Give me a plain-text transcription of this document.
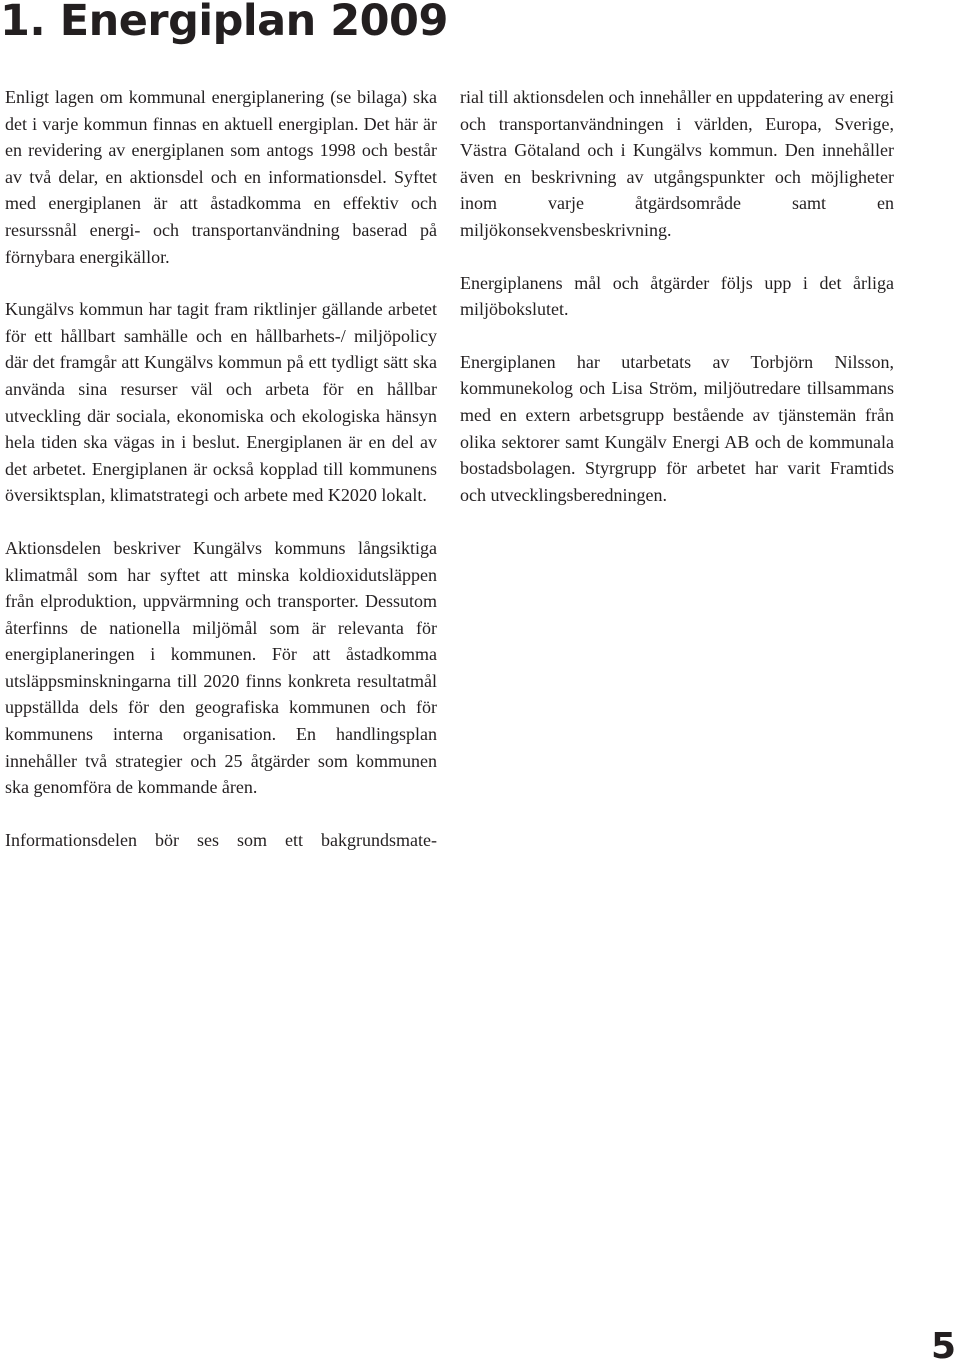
1. Energiplan 2009

Enligt lagen om kommunal energiplanering (se bilaga) ska det i varje kommun finnas en aktuell energiplan. Det här är en revidering av energiplanen som antogs 1998 och består av två delar, en aktionsdel och en informationsdel. Syftet med energiplanen är att åstadkomma en effektiv och resurssnål energi- och transportanvändning baserad på förnybara energikällor.

Kungälvs kommun har tagit fram riktlinjer gällande arbetet för ett hållbart samhälle och en hållbarhets-/ miljöpolicy där det framgår att Kungälvs kommun på ett tydligt sätt ska använda sina resurser väl och arbeta för en hållbar utveckling där sociala, ekonomiska och ekologiska hänsyn hela tiden ska vägas in i beslut. Energiplanen är en del av det arbetet. Energiplanen är också kopplad till kommunens översiktsplan, klimatstrategi och arbete med K2020 lokalt.

Aktionsdelen beskriver Kungälvs kommuns långsiktiga klimatmål som har syftet att minska koldioxidutsläppen från elproduktion, uppvärmning och transporter. Dessutom återfinns de nationella miljömål som är relevanta för energiplaneringen i kommunen. För att åstadkomma utsläppsminskningarna till 2020 finns konkreta resultatmål uppställda dels för den geografiska kommunen och för kommunens interna organisation. En handlingsplan innehåller två strategier och 25 åtgärder som kommunen ska genomföra de kommande åren.

Informationsdelen bör ses som ett bakgrundsmate-

rial till aktionsdelen och innehåller en uppdatering av energi och transportanvändningen i världen, Europa, Sverige, Västra Götaland och i Kungälvs kommun. Den innehåller även en beskrivning av utgångspunkter och möjligheter inom varje åtgärdsområde samt en miljökonsekvensbeskrivning.

Energiplanens mål och åtgärder följs upp i det årliga miljöbokslutet.

Energiplanen har utarbetats av Torbjörn Nilsson, kommunekolog och Lisa Ström, miljöutredare tillsammans med en extern arbetsgrupp bestående av tjänstemän från olika sektorer samt Kungälv Energi AB och de kommunala bostadsbolagen. Styrgrupp för arbetet har varit Framtids och utvecklingsberedningen.

5
